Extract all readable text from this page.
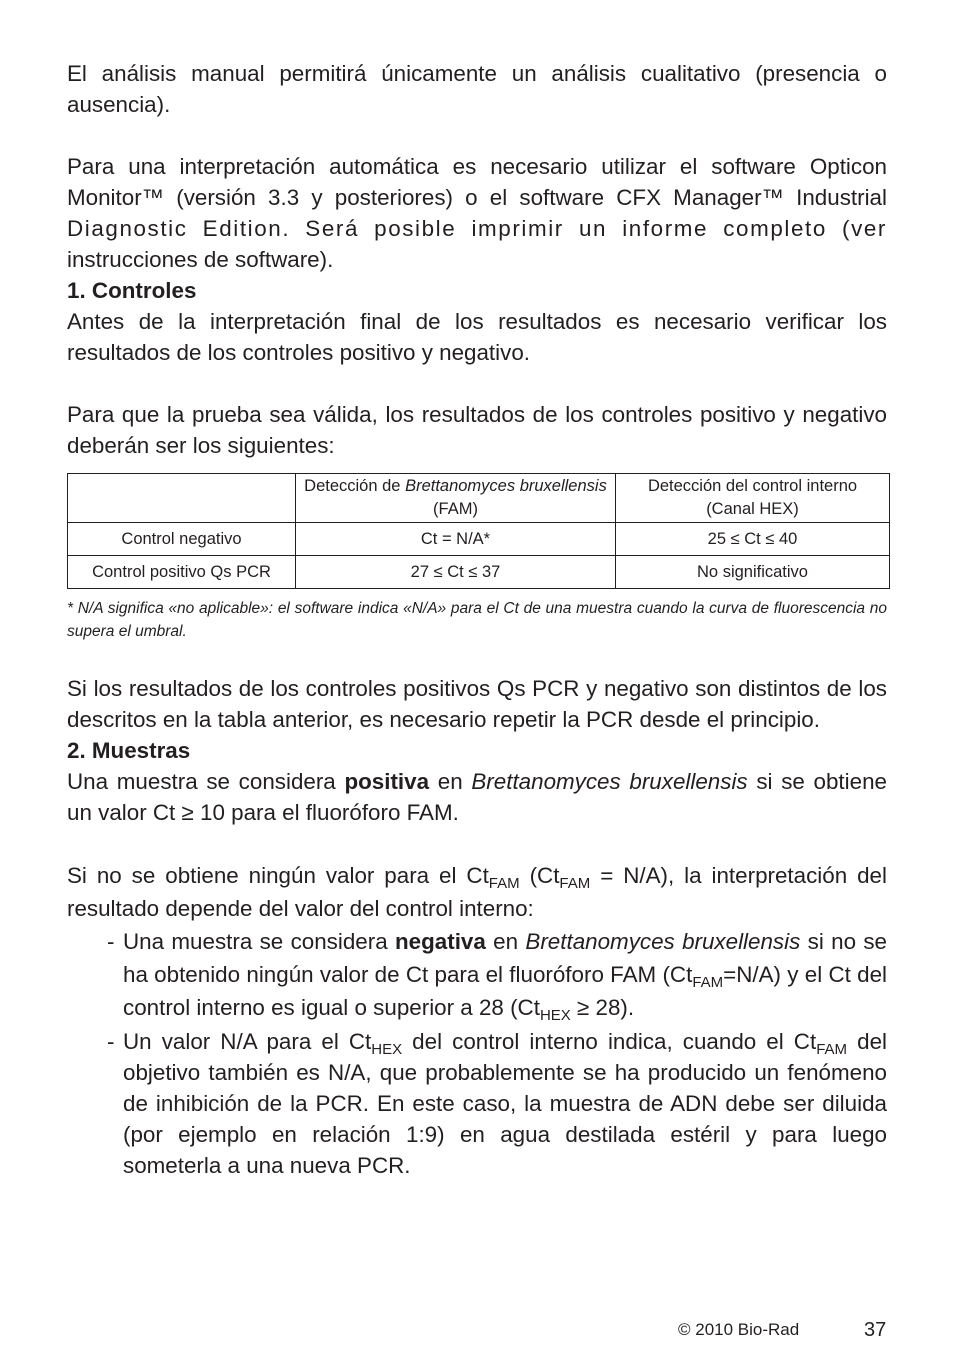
El análisis manual permitirá únicamente un análisis cualitativo (presencia o ausencia).

Para una interpretación automática es necesario utilizar el software Opticon Monitor™ (versión 3.3 y posteriores) o el software CFX Manager™ Industrial Diagnostic Edition. Será posible imprimir un informe completo (ver instrucciones de software).

1. Controles

Antes de la interpretación final de los resultados es necesario verificar los resultados de los controles positivo y negativo.

Para que la prueba sea válida, los resultados de los controles positivo y negativo deberán ser los siguientes:

	Detección de Brettanomyces bruxellensis (FAM)	Detección del control interno (Canal HEX)
Control negativo	Ct = N/A*	25 ≤ Ct ≤ 40
Control positivo Qs PCR	27 ≤ Ct ≤ 37	No significativo

* N/A significa «no aplicable»: el software indica «N/A» para el Ct de una muestra cuando la curva de fluorescencia no supera el umbral.

Si los resultados de los controles positivos Qs PCR y negativo son distintos de los descritos en la tabla anterior, es necesario repetir la PCR desde el principio.

2. Muestras

Una muestra se considera positiva en Brettanomyces bruxellensis si se obtiene un valor Ct ≥ 10 para el fluoróforo FAM.

Si no se obtiene ningún valor para el $Ct_{FAM}$ $(Ct_{FAM} = N/A)$, la interpretación del resultado depende del valor del control interno:

- Una muestra se considera negativa en Brettanomyces bruxellensis si no se ha obtenido ningún valor de Ct para el fluoróforo FAM $(Ct_{FAM}=N/A)$ y el Ct del control interno es igual o superior a 28 $(Ct_{HEX} \ge 28)$.
- Un valor N/A para el $Ct_{HEX}$ del control interno indica, cuando el $Ct_{FAM}$ del objetivo también es N/A, que probablemente se ha producido un fenómeno de inhibición de la PCR. En este caso, la muestra de ADN debe ser diluida (por ejemplo en relación 1:9) en agua destilada estéril y para luego someterla a una nueva PCR.
© 2010 Bio-Rad	37
